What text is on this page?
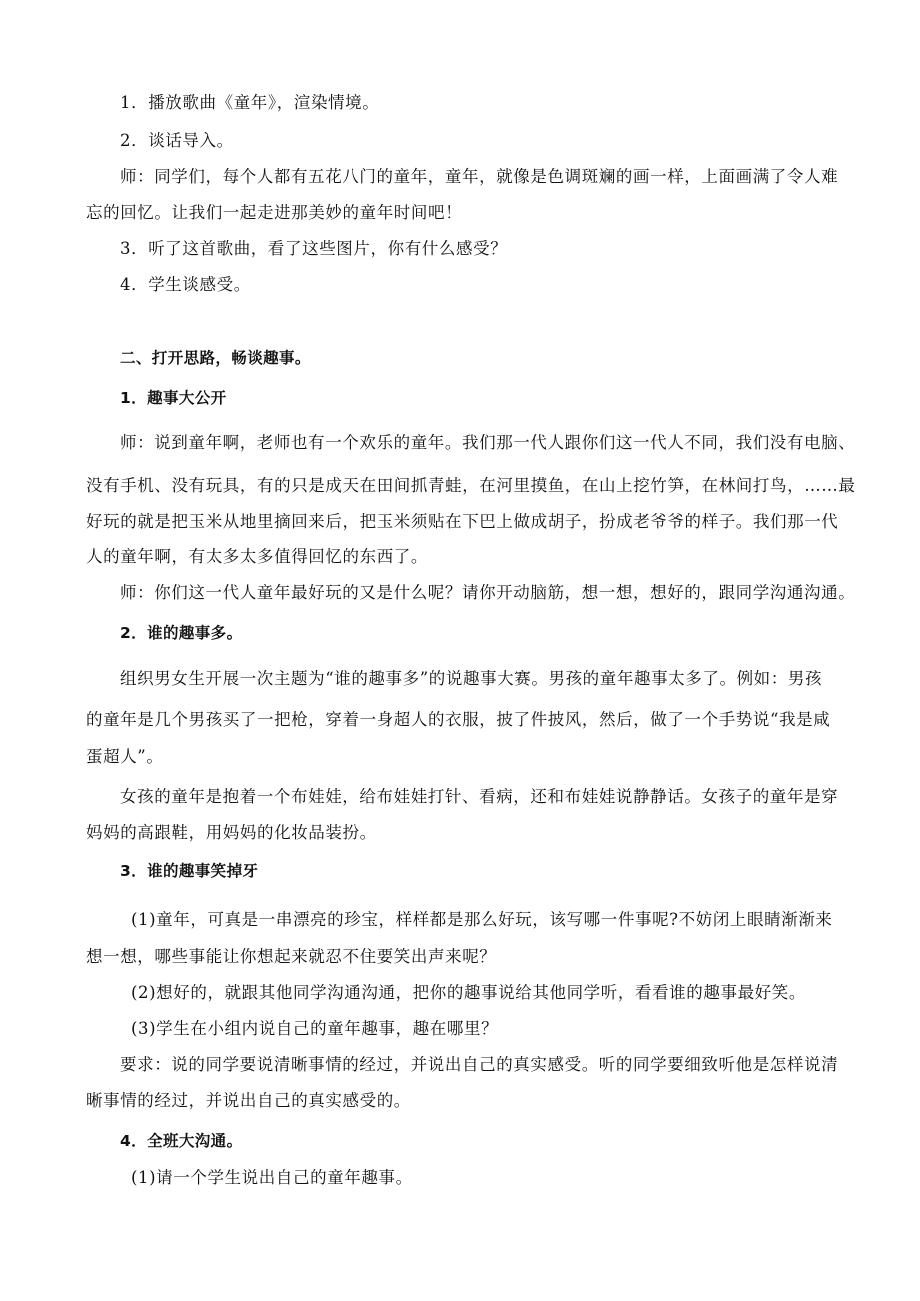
1．播放歌曲《童年》，渲染情境。
2．谈话导入。
师：同学们，每个人都有五花八门的童年，童年，就像是色调斑斓的画一样，上面画满了令人难
忘的回忆。让我们一起走进那美妙的童年时间吧！
3．听了这首歌曲，看了这些图片，你有什么感受？
4．学生谈感受。
二、打开思路，畅谈趣事。
1．趣事大公开
师：说到童年啊，老师也有一个欢乐的童年。我们那一代人跟你们这一代人不同，我们没有电脑、
没有手机、没有玩具，有的只是成天在田间抓青蛙，在河里摸鱼，在山上挖竹笋，在林间打鸟，……最
好玩的就是把玉米从地里摘回来后，把玉米须贴在下巴上做成胡子，扮成老爷爷的样子。我们那一代
人的童年啊，有太多太多值得回忆的东西了。
师：你们这一代人童年最好玩的又是什么呢？请你开动脑筋，想一想，想好的，跟同学沟通沟通。
2．谁的趣事多。
组织男女生开展一次主题为“谁的趣事多”的说趣事大赛。男孩的童年趣事太多了。例如：男孩
的童年是几个男孩买了一把枪，穿着一身超人的衣服，披了件披风，然后，做了一个手势说“我是咸
蛋超人”。
女孩的童年是抱着一个布娃娃，给布娃娃打针、看病，还和布娃娃说静静话。女孩子的童年是穿
妈妈的高跟鞋，用妈妈的化妆品装扮。
3．谁的趣事笑掉牙
(1)童年，可真是一串漂亮的珍宝，样样都是那么好玩，该写哪一件事呢?不妨闭上眼睛渐渐来
想一想，哪些事能让你想起来就忍不住要笑出声来呢？
(2)想好的，就跟其他同学沟通沟通，把你的趣事说给其他同学听，看看谁的趣事最好笑。
(3)学生在小组内说自己的童年趣事，趣在哪里？
要求：说的同学要说清晰事情的经过，并说出自己的真实感受。听的同学要细致听他是怎样说清
晰事情的经过，并说出自己的真实感受的。
4．全班大沟通。
(1)请一个学生说出自己的童年趣事。
